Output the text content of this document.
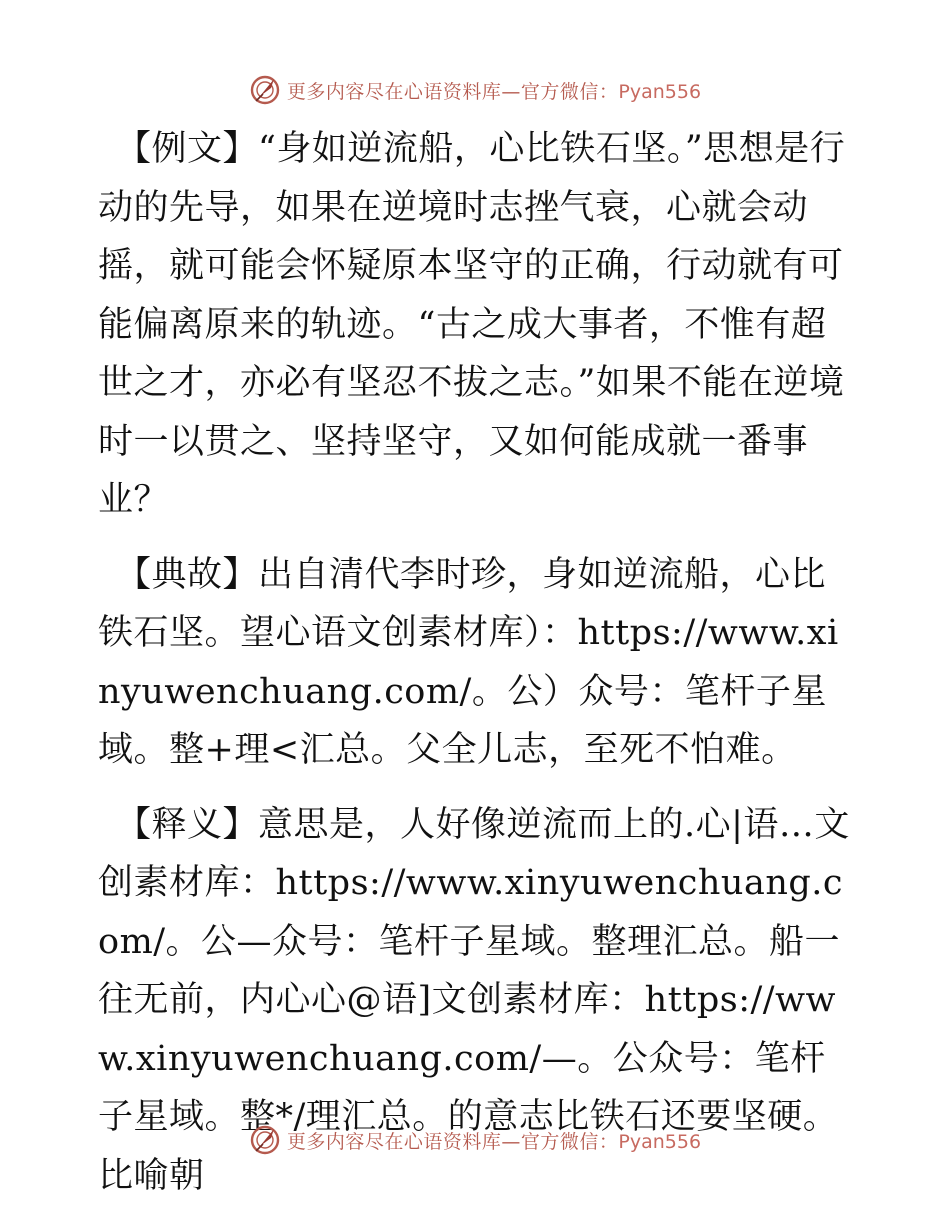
更多内容尽在心语资料库—官方微信：Pyan556

【例文】“身如逆流船，心比铁石坚。”思想是行动的先导，如果在逆境时志挫气衰，心就会动摇，就可能会怀疑原本坚守的正确，行动就有可能偏离原来的轨迹。“古之成大事者，不惟有超世之才，亦必有坚忍不拔之志。”如果不能在逆境时一以贯之、坚持坚守，又如何能成就一番事业？

【典故】出自清代李时珍，身如逆流船，心比铁石坚。望心语文创素材库）：https://www.xinyuwenchuang.com/。公）众号：笔杆子星域。整+理<汇总。父全儿志，至死不怕难。

【释义】意思是，人好像逆流而上的.心|语…文创素材库：https://www.xinyuwenchuang.com/。公—众号：笔杆子星域。整理汇总。船一往无前，内心心@语]文创素材库：https://www.xinyuwenchuang.com/—。公众号：笔杆子星域。整*/理汇总。的意志比铁石还要坚硬。比喻朝

更多内容尽在心语资料库—官方微信：Pyan556
